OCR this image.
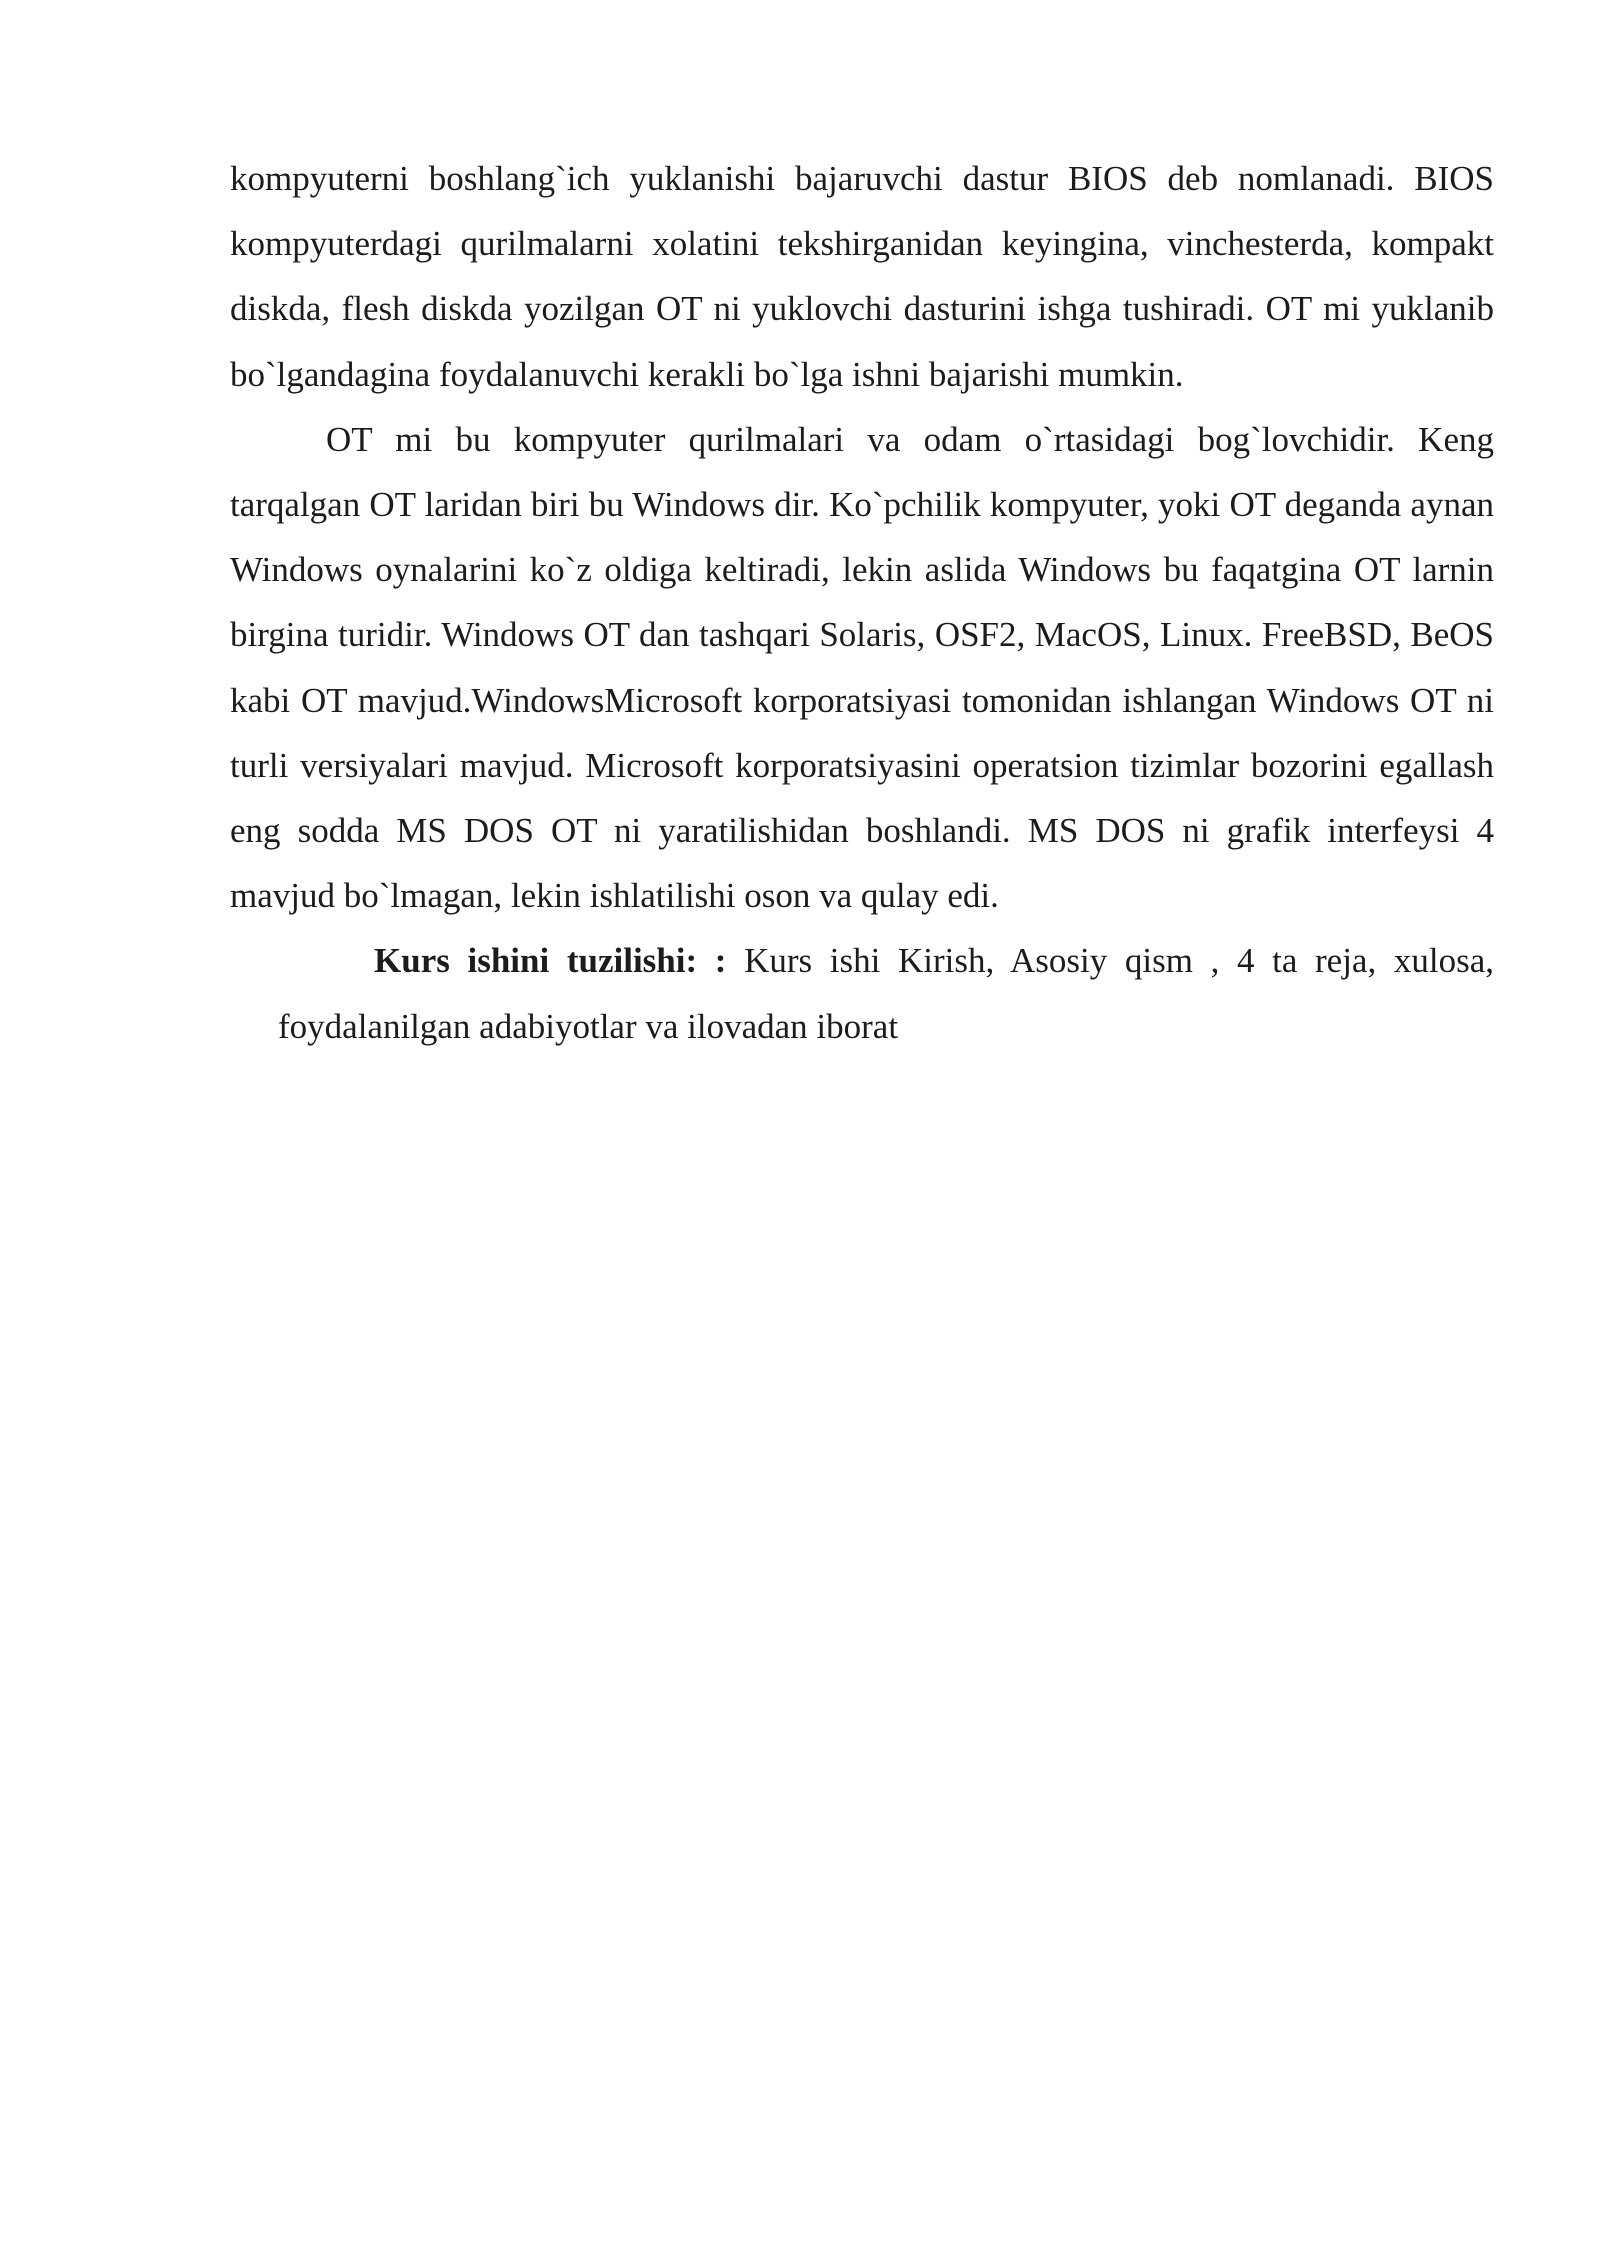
kompyuterni boshlang`ich yuklanishi bajaruvchi dastur BIOS deb nomlanadi. BIOS kompyuterdagi qurilmalarni xolatini tekshirganidan keyingina, vinchesterda, kompakt diskda, flesh diskda yozilgan OT ni yuklovchi dasturini ishga tushiradi. OT mi yuklanib bo`lgandagina foydalanuvchi kerakli bo`lga ishni bajarishi mumkin.

OT mi bu kompyuter qurilmalari va odam o`rtasidagi bog`lovchidir. Keng tarqalgan OT laridan biri bu Windows dir. Ko`pchilik kompyuter, yoki OT deganda aynan Windows oynalarini ko`z oldiga keltiradi, lekin aslida Windows bu faqatgina OT larnin birgina turidir. Windows OT dan tashqari Solaris, OSF2, MacOS, Linux. FreeBSD, BeOS kabi OT mavjud.WindowsMicrosoft korporatsiyasi tomonidan ishlangan Windows OT ni turli versiyalari mavjud. Microsoft korporatsiyasini operatsion tizimlar bozorini egallash eng sodda MS DOS OT ni yaratilishidan boshlandi. MS DOS ni grafik interfeysi 4 mavjud bo`lmagan, lekin ishlatilishi oson va qulay edi.

Kurs ishini tuzilishi: : Kurs ishi Kirish, Asosiy qism , 4 ta reja, xulosa,

foydalanilgan adabiyotlar va ilovadan iborat
